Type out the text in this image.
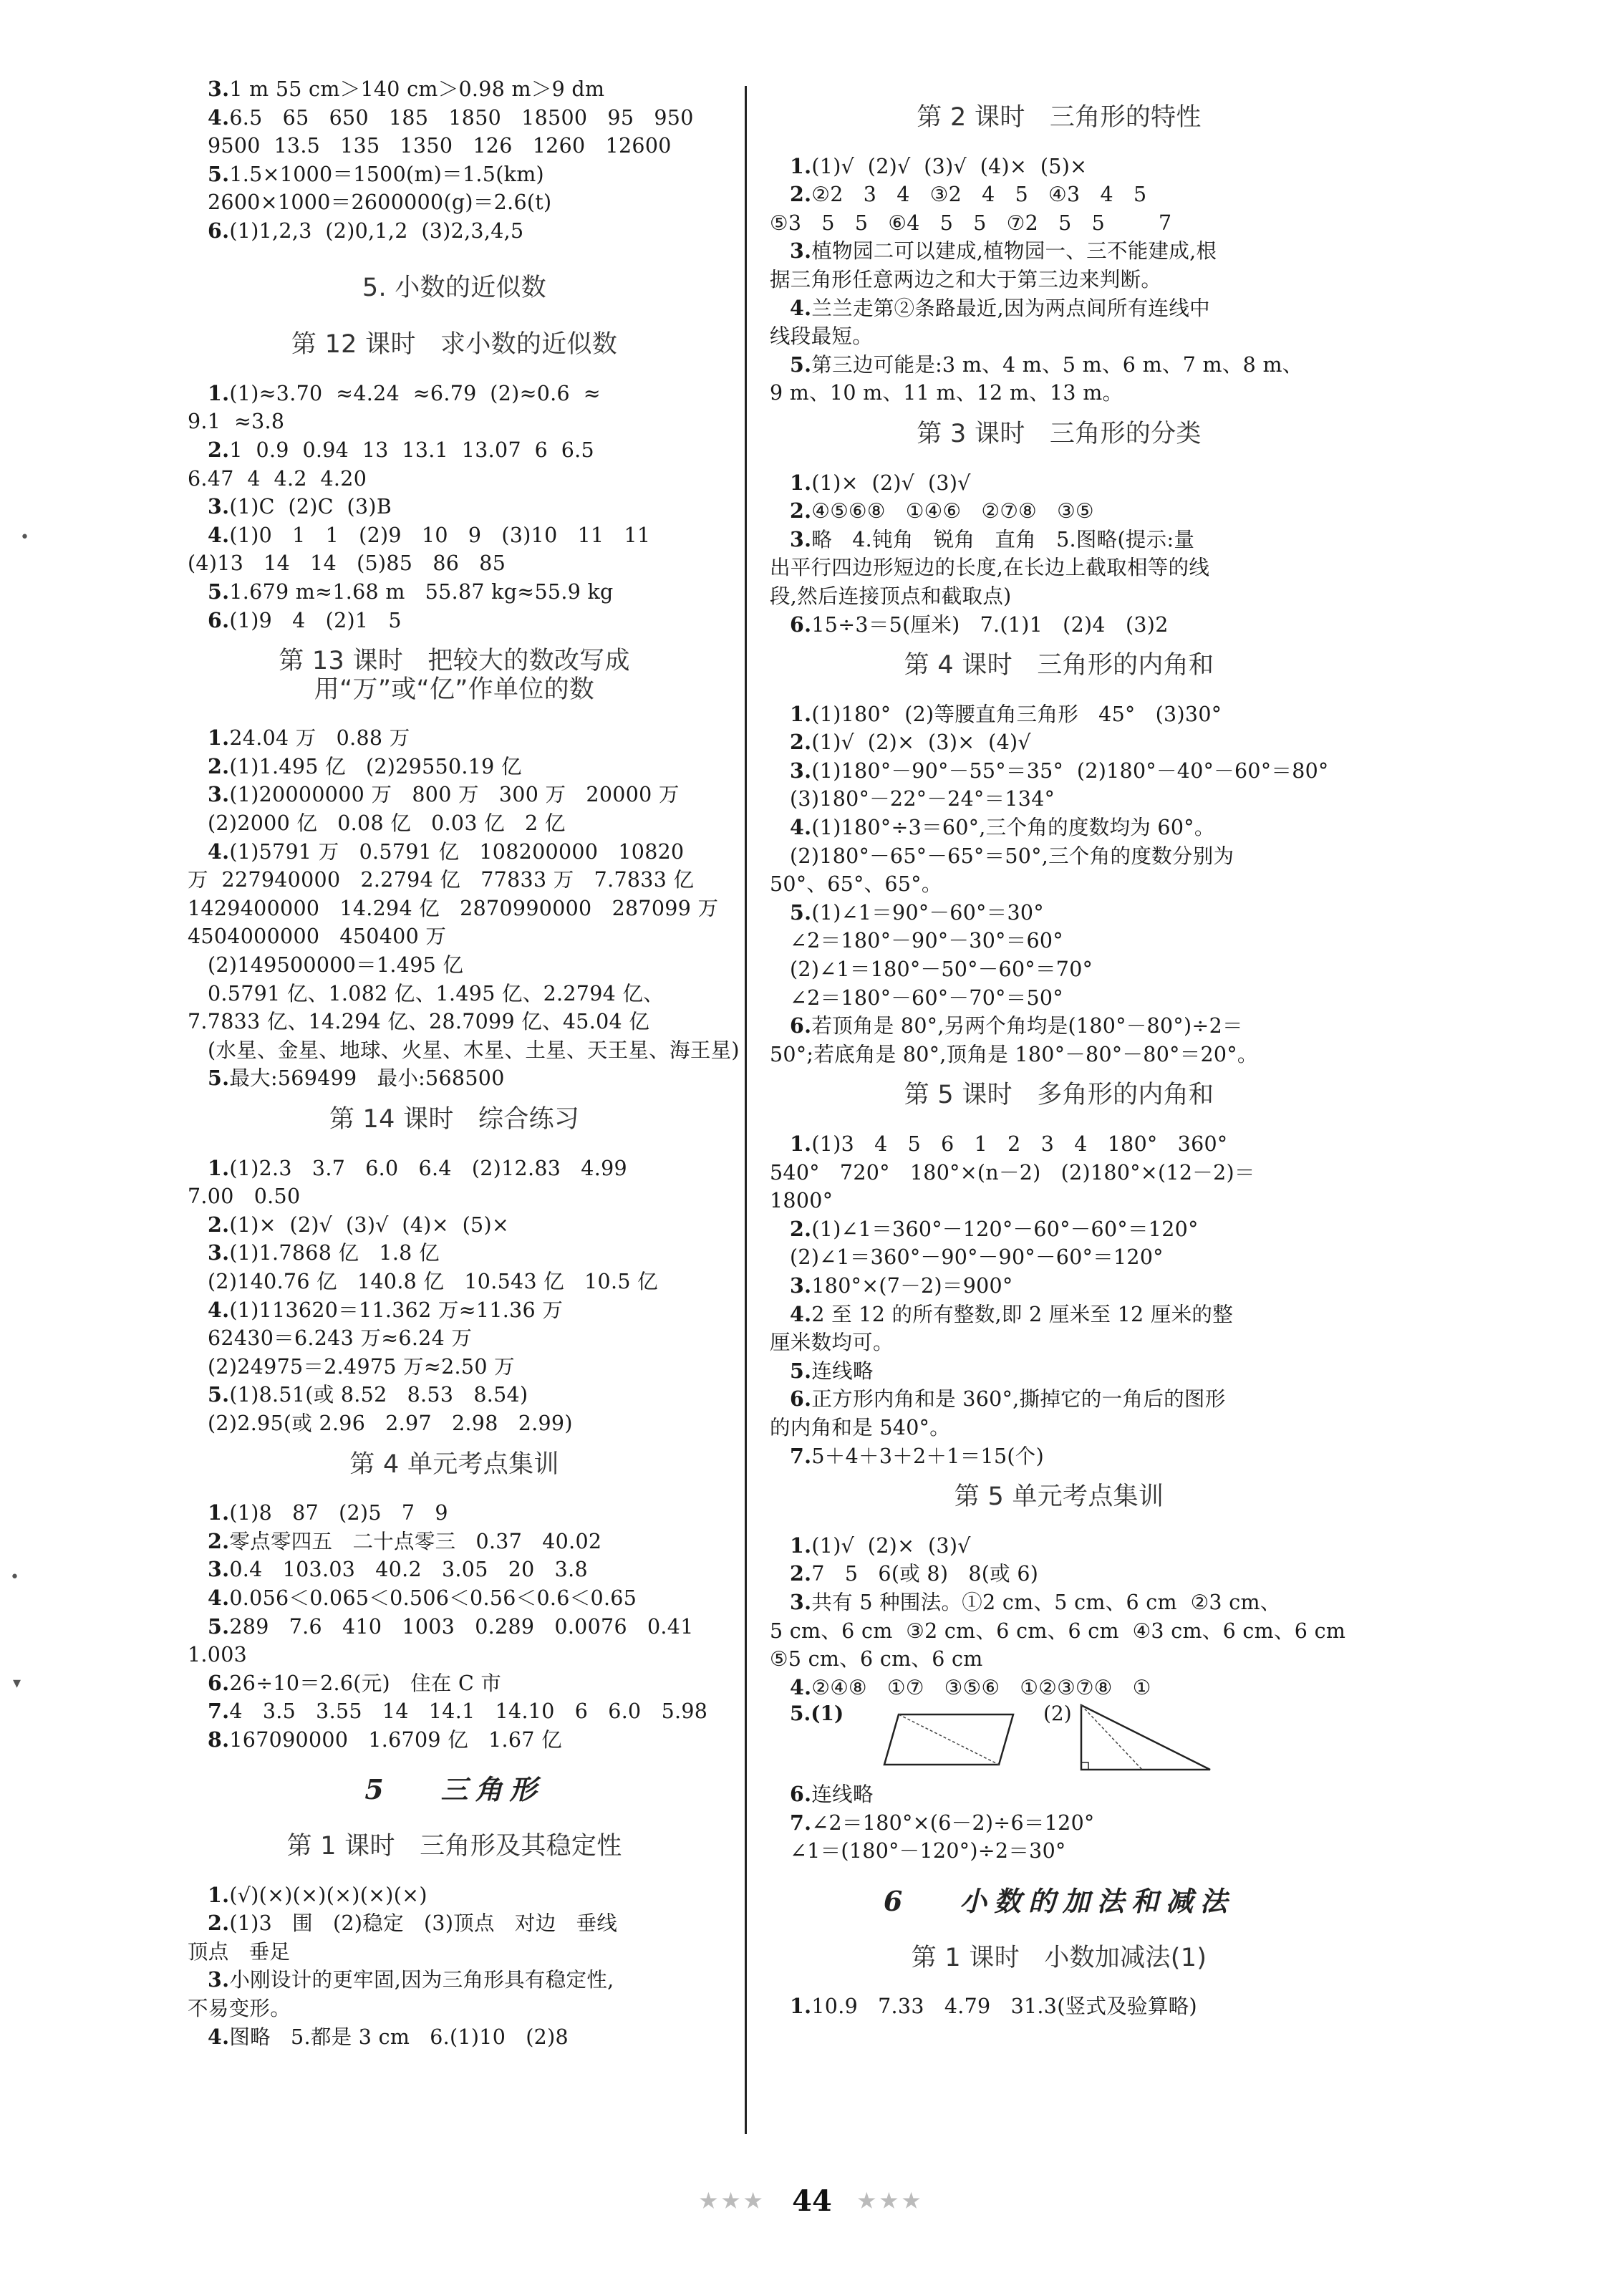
3.1 m 55 cm＞140 cm＞0.98 m＞9 dm
4.6.5   65   650   185   1850   18500   95   950
9500  13.5   135   1350   126   1260   12600
5.1.5×1000＝1500(m)＝1.5(km)
2600×1000＝2600000(g)＝2.6(t)
6.(1)1,2,3  (2)0,1,2  (3)2,3,4,5
5. 小数的近似数
第 12 课时   求小数的近似数
1.(1)≈3.70  ≈4.24  ≈6.79  (2)≈0.6  ≈
9.1  ≈3.8
2.1  0.9  0.94  13  13.1  13.07  6  6.5
6.47  4  4.2  4.20
3.(1)C  (2)C  (3)B
4.(1)0   1   1   (2)9   10   9   (3)10   11   11
(4)13   14   14   (5)85   86   85
5.1.679 m≈1.68 m   55.87 kg≈55.9 kg
6.(1)9   4   (2)1   5
第 13 课时   把较大的数改写成
用“万”或“亿”作单位的数
1.24.04 万   0.88 万
2.(1)1.495 亿   (2)29550.19 亿
3.(1)20000000 万   800 万   300 万   20000 万
(2)2000 亿   0.08 亿   0.03 亿   2 亿
4.(1)5791 万   0.5791 亿   108200000   10820
万  227940000   2.2794 亿   77833 万   7.7833 亿
1429400000   14.294 亿   2870990000   287099 万
4504000000   450400 万
(2)149500000＝1.495 亿
0.5791 亿、1.082 亿、1.495 亿、2.2794 亿、
7.7833 亿、14.294 亿、28.7099 亿、45.04 亿
(水星、金星、地球、火星、木星、土星、天王星、海王星)
5.最大:569499   最小:568500
第 14 课时   综合练习
1.(1)2.3   3.7   6.0   6.4   (2)12.83   4.99
7.00   0.50
2.(1)×  (2)√  (3)√  (4)×  (5)×
3.(1)1.7868 亿   1.8 亿
(2)140.76 亿   140.8 亿   10.543 亿   10.5 亿
4.(1)113620＝11.362 万≈11.36 万
62430＝6.243 万≈6.24 万
(2)24975＝2.4975 万≈2.50 万
5.(1)8.51(或 8.52   8.53   8.54)
(2)2.95(或 2.96   2.97   2.98   2.99)
第 4 单元考点集训
1.(1)8   87   (2)5   7   9
2.零点零四五   二十点零三   0.37   40.02
3.0.4   103.03   40.2   3.05   20   3.8
4.0.056＜0.065＜0.506＜0.56＜0.6＜0.65
5.289   7.6   410   1003   0.289   0.0076   0.41
1.003
6.26÷10＝2.6(元)   住在 C 市
7.4   3.5   3.55   14   14.1   14.10   6   6.0   5.98
8.167090000   1.6709 亿   1.67 亿
5   三角形
第 1 课时   三角形及其稳定性
1.(√)(×)(×)(×)(×)(×)
2.(1)3   围   (2)稳定   (3)顶点   对边   垂线
顶点   垂足
3.小刚设计的更牢固,因为三角形具有稳定性,
不易变形。
4.图略   5.都是 3 cm   6.(1)10   (2)8
第 2 课时   三角形的特性
1.(1)√  (2)√  (3)√  (4)×  (5)×
2.②2   3   4   ③2   4   5   ④3   4   5
⑤3   5   5   ⑥4   5   5   ⑦2   5   5        7
3.植物园二可以建成,植物园一、三不能建成,根
据三角形任意两边之和大于第三边来判断。
4.兰兰走第②条路最近,因为两点间所有连线中
线段最短。
5.第三边可能是:3 m、4 m、5 m、6 m、7 m、8 m、
9 m、10 m、11 m、12 m、13 m。
第 3 课时   三角形的分类
1.(1)×  (2)√  (3)√
2.④⑤⑥⑧   ①④⑥   ②⑦⑧   ③⑤
3.略   4.钝角   锐角   直角   5.图略(提示:量
出平行四边形短边的长度,在长边上截取相等的线
段,然后连接顶点和截取点)
6.15÷3＝5(厘米)   7.(1)1   (2)4   (3)2
第 4 课时   三角形的内角和
1.(1)180°  (2)等腰直角三角形   45°   (3)30°
2.(1)√  (2)×  (3)×  (4)√
3.(1)180°－90°－55°＝35°  (2)180°－40°－60°＝80°
(3)180°－22°－24°＝134°
4.(1)180°÷3＝60°,三个角的度数均为 60°。
(2)180°－65°－65°＝50°,三个角的度数分别为
50°、65°、65°。
5.(1)∠1＝90°－60°＝30°
∠2＝180°－90°－30°＝60°
(2)∠1＝180°－50°－60°＝70°
∠2＝180°－60°－70°＝50°
6.若顶角是 80°,另两个角均是(180°－80°)÷2＝
50°;若底角是 80°,顶角是 180°－80°－80°＝20°。
第 5 课时   多角形的内角和
1.(1)3   4   5   6   1   2   3   4   180°   360°
540°   720°   180°×(n－2)   (2)180°×(12－2)＝
1800°
2.(1)∠1＝360°－120°－60°－60°＝120°
(2)∠1＝360°－90°－90°－60°＝120°
3.180°×(7－2)＝900°
4.2 至 12 的所有整数,即 2 厘米至 12 厘米的整
厘米数均可。
5.连线略
6.正方形内角和是 360°,撕掉它的一角后的图形
的内角和是 540°。
7.5＋4＋3＋2＋1＝15(个)
第 5 单元考点集训
1.(1)√  (2)×  (3)√
2.7   5   6(或 8)   8(或 6)
3.共有 5 种围法。①2 cm、5 cm、6 cm  ②3 cm、
5 cm、6 cm  ③2 cm、6 cm、6 cm  ④3 cm、6 cm、6 cm
⑤5 cm、6 cm、6 cm
4.②④⑧   ①⑦   ③⑤⑥   ①②③⑦⑧   ①
5.(1)	(2)
6.连线略
7.∠2＝180°×(6－2)÷6＝120°
∠1＝(180°－120°)÷2＝30°
6   小数的加法和减法
第 1 课时   小数加减法(1)
1.10.9   7.33   4.79   31.3(竖式及验算略)
★★★ 44 ★★★
•
•
▾
